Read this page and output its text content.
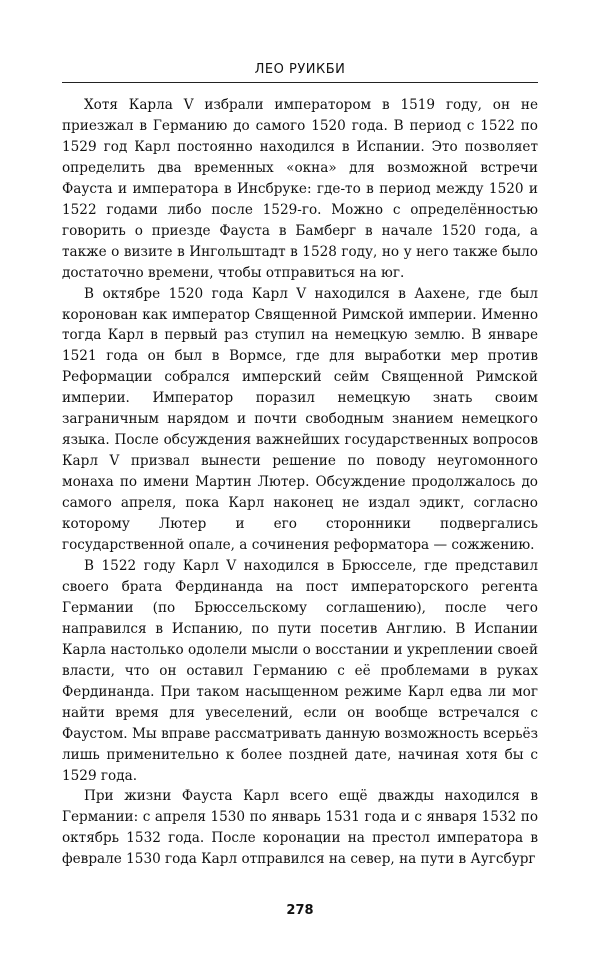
ЛЕО РУИКБИ

Хотя Карла V избрали императором в 1519 году, он не приезжал в Германию до самого 1520 года. В период с 1522 по 1529 год Карл постоянно находился в Испании. Это позволяет определить два временных «окна» для возможной встречи Фауста и императора в Инсбруке: где-то в период между 1520 и 1522 годами либо после 1529-го. Можно с определённостью говорить о приезде Фауста в Бамберг в начале 1520 года, а также о визите в Ингольштадт в 1528 году, но у него также было достаточно времени, чтобы отправиться на юг.

В октябре 1520 года Карл V находился в Аахене, где был коронован как император Священной Римской империи. Именно тогда Карл в первый раз ступил на немецкую землю. В январе 1521 года он был в Вормсе, где для выработки мер против Реформации собрался имперский сейм Священной Римской империи. Император поразил немецкую знать своим заграничным нарядом и почти свободным знанием немецкого языка. После обсуждения важнейших государственных вопросов Карл V призвал вынести решение по поводу неугомонного монаха по имени Мартин Лютер. Обсуждение продолжалось до самого апреля, пока Карл наконец не издал эдикт, согласно которому Лютер и его сторонники подвергались государственной опале, а сочинения реформатора — сожжению.

В 1522 году Карл V находился в Брюсселе, где представил своего брата Фердинанда на пост императорского регента Германии (по Брюссельскому соглашению), после чего направился в Испанию, по пути посетив Англию. В Испании Карла настолько одолели мысли о восстании и укреплении своей власти, что он оставил Германию с её проблемами в руках Фердинанда. При таком насыщенном режиме Карл едва ли мог найти время для увеселений, если он вообще встречался с Фаустом. Мы вправе рассматривать данную возможность всерьёз лишь применительно к более поздней дате, начиная хотя бы с 1529 года.

При жизни Фауста Карл всего ещё дважды находился в Германии: с апреля 1530 по январь 1531 года и с января 1532 по октябрь 1532 года. После коронации на престол императора в феврале 1530 года Карл отправился на север, на пути в Аугсбург

278
